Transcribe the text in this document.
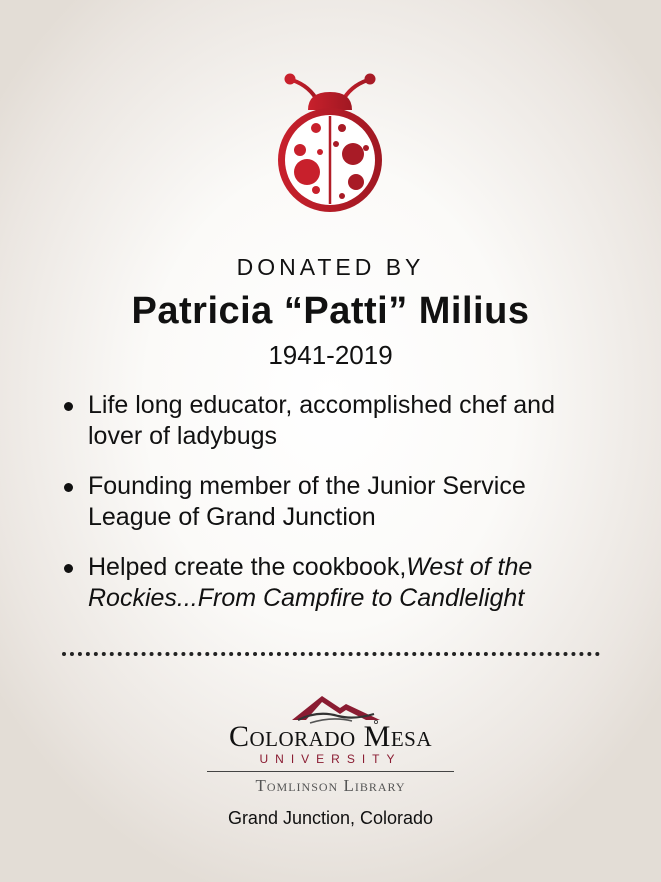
DONATED BY
Patricia “Patti” Milius
1941-2019
Life long educator, accomplished chef and lover of ladybugs
Founding member of the Junior Service League of Grand Junction
Helped create the cookbook,West of the Rockies...From Campfire to Candlelight
Colorado Mesa
UNIVERSITY
Tomlinson Library
Grand Junction, Colorado
